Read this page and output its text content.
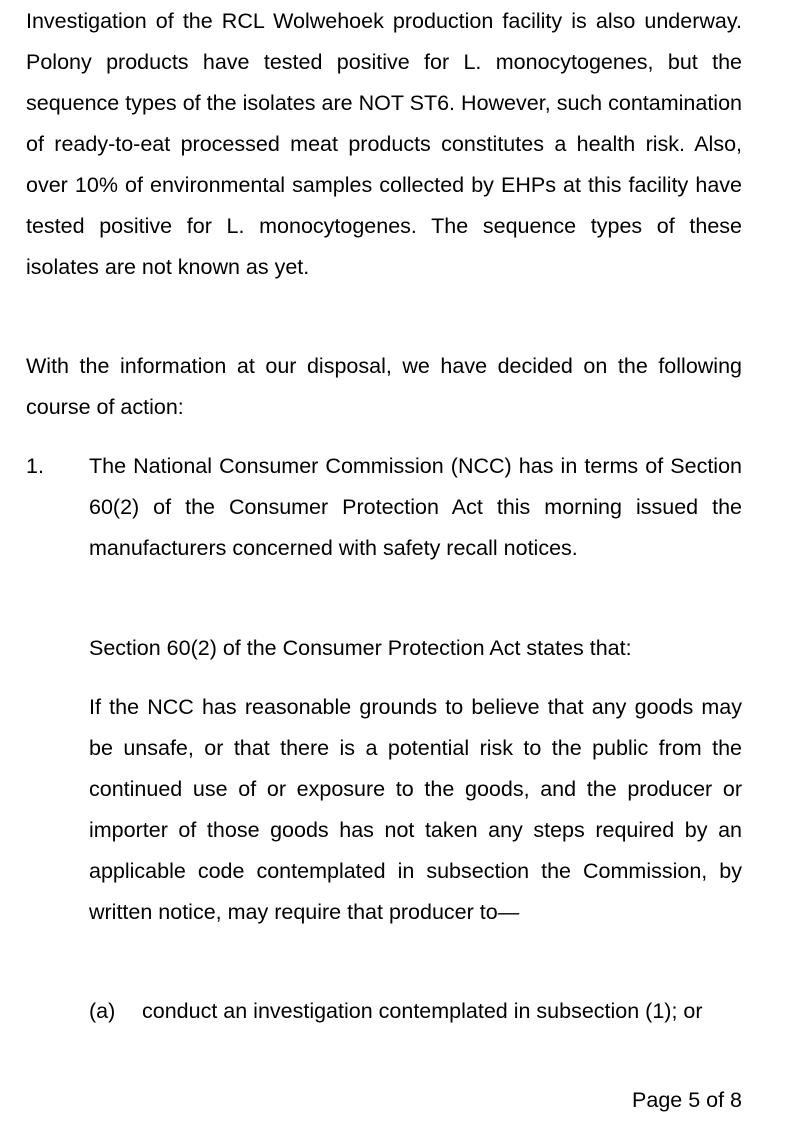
Investigation of the RCL Wolwehoek production facility is also underway. Polony products have tested positive for L. monocytogenes, but the sequence types of the isolates are NOT ST6. However, such contamination of ready-to-eat processed meat products constitutes a health risk. Also, over 10% of environmental samples collected by EHPs at this facility have tested positive for L. monocytogenes. The sequence types of these isolates are not known as yet.

With the information at our disposal, we have decided on the following course of action:

1. The National Consumer Commission (NCC) has in terms of Section 60(2) of the Consumer Protection Act this morning issued the manufacturers concerned with safety recall notices.

Section 60(2) of the Consumer Protection Act states that:

If the NCC has reasonable grounds to believe that any goods may be unsafe, or that there is a potential risk to the public from the continued use of or exposure to the goods, and the producer or importer of those goods has not taken any steps required by an applicable code contemplated in subsection the Commission, by written notice, may require that producer to—

(a) conduct an investigation contemplated in subsection (1); or

Page 5 of 8
